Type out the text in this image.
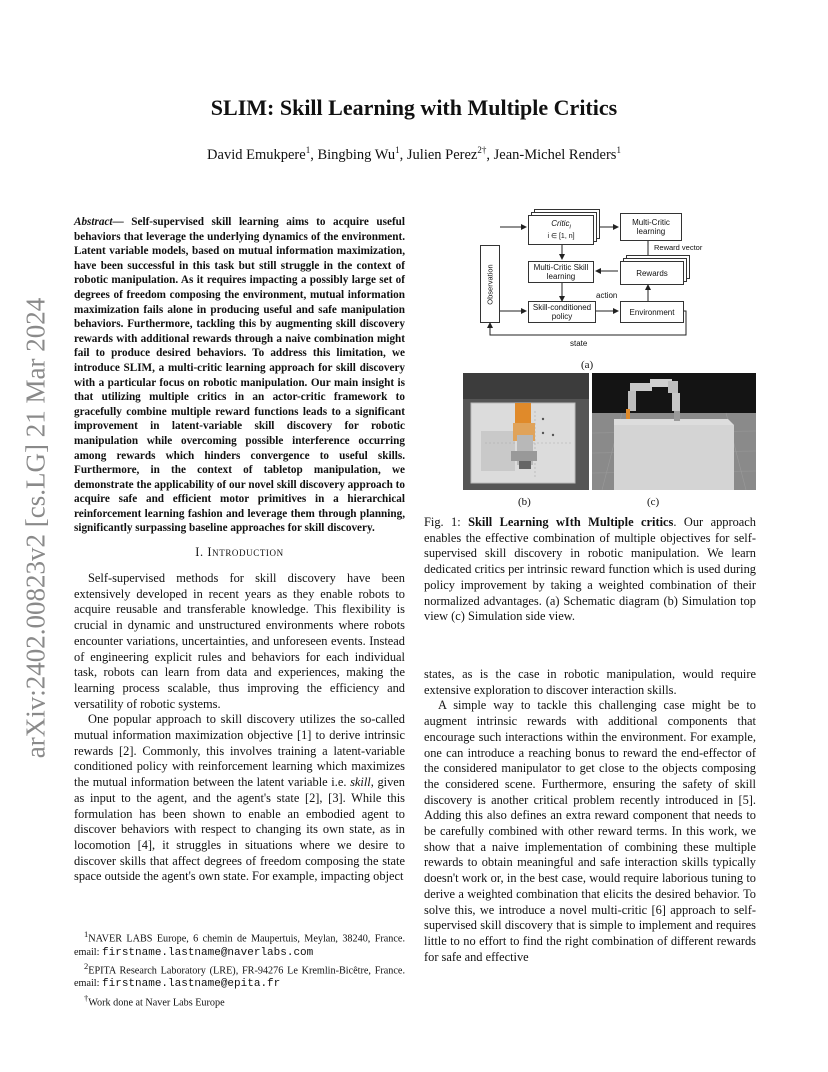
arXiv:2402.00823v2 [cs.LG] 21 Mar 2024
SLIM: Skill Learning with Multiple Critics
David Emukpere$^1$, Bingbing Wu$^1$, Julien Perez$^{2\dagger}$, Jean-Michel Renders$^1$
Abstract— Self-supervised skill learning aims to acquire useful behaviors that leverage the underlying dynamics of the environment. Latent variable models, based on mutual information maximization, have been successful in this task but still struggle in the context of robotic manipulation. As it requires impacting a possibly large set of degrees of freedom composing the environment, mutual information maximization fails alone in producing useful and safe manipulation behaviors. Furthermore, tackling this by augmenting skill discovery rewards with additional rewards through a naive combination might fail to produce desired behaviors. To address this limitation, we introduce SLIM, a multi-critic learning approach for skill discovery with a particular focus on robotic manipulation. Our main insight is that utilizing multiple critics in an actor-critic framework to gracefully combine multiple reward functions leads to a significant improvement in latent-variable skill discovery for robotic manipulation while overcoming possible interference occurring among rewards which hinders convergence to useful skills. Furthermore, in the context of tabletop manipulation, we demonstrate the applicability of our novel skill discovery approach to acquire safe and efficient motor primitives in a hierarchical reinforcement learning fashion and leverage them through planning, significantly surpassing baseline approaches for skill discovery.
I. Introduction

Self-supervised methods for skill discovery have been extensively developed in recent years as they enable robots to acquire reusable and transferable knowledge. This flexibility is crucial in dynamic and unstructured environments where robots encounter variations, uncertainties, and unforeseen events. Instead of engineering explicit rules and behaviors for each individual task, robots can learn from data and experiences, making the learning process scalable, thus improving the efficiency and versatility of robotic systems.

One popular approach to skill discovery utilizes the so-called mutual information maximization objective [1] to derive intrinsic rewards [2]. Commonly, this involves training a latent-variable conditioned policy with reinforcement learning which maximizes the mutual information between the latent variable i.e. skill, given as input to the agent, and the agent's state [2], [3]. While this formulation has been shown to enable an embodied agent to discover behaviors with respect to changing its own state, as in locomotion [4], it struggles in situations where we desire to discover skills that affect degrees of freedom composing the state space outside the agent's own state. For example, impacting object

$^1$NAVER LABS Europe, 6 chemin de Maupertuis, Meylan, 38240, France. email: firstname.lastname@naverlabs.com

$^2$EPITA Research Laboratory (LRE), FR-94276 Le Kremlin-Bicêtre, France. email: firstname.lastname@epita.fr

†Work done at Naver Labs Europe

Observation
Critic$_i$
i ∈ [1, n]
Multi-Critic learning
Reward vector
Multi-Critic Skill learning	Rewards
action
Skill-conditioned policy	Environment
state
(a)
(b)	(c)

Fig. 1: Skill Learning wIth Multiple critics. Our approach enables the effective combination of multiple objectives for self-supervised skill discovery in robotic manipulation. We learn dedicated critics per intrinsic reward function which is used during policy improvement by taking a weighted combination of their normalized advantages. (a) Schematic diagram (b) Simulation top view (c) Simulation side view.

states, as is the case in robotic manipulation, would require extensive exploration to discover interaction skills.

A simple way to tackle this challenging case might be to augment intrinsic rewards with additional components that encourage such interactions within the environment. For example, one can introduce a reaching bonus to reward the end-effector of the considered manipulator to get close to the objects composing the considered scene. Furthermore, ensuring the safety of skill discovery is another critical problem recently introduced in [5]. Adding this also defines an extra reward component that needs to be carefully combined with other reward terms. In this work, we show that a naive implementation of combining these multiple rewards to obtain meaningful and safe interaction skills typically doesn't work or, in the best case, would require laborious tuning to derive a weighted combination that elicits the desired behavior. To solve this, we introduce a novel multi-critic [6] approach to self-supervised skill discovery that is simple to implement and requires little to no effort to find the right combination of different rewards for safe and effective
